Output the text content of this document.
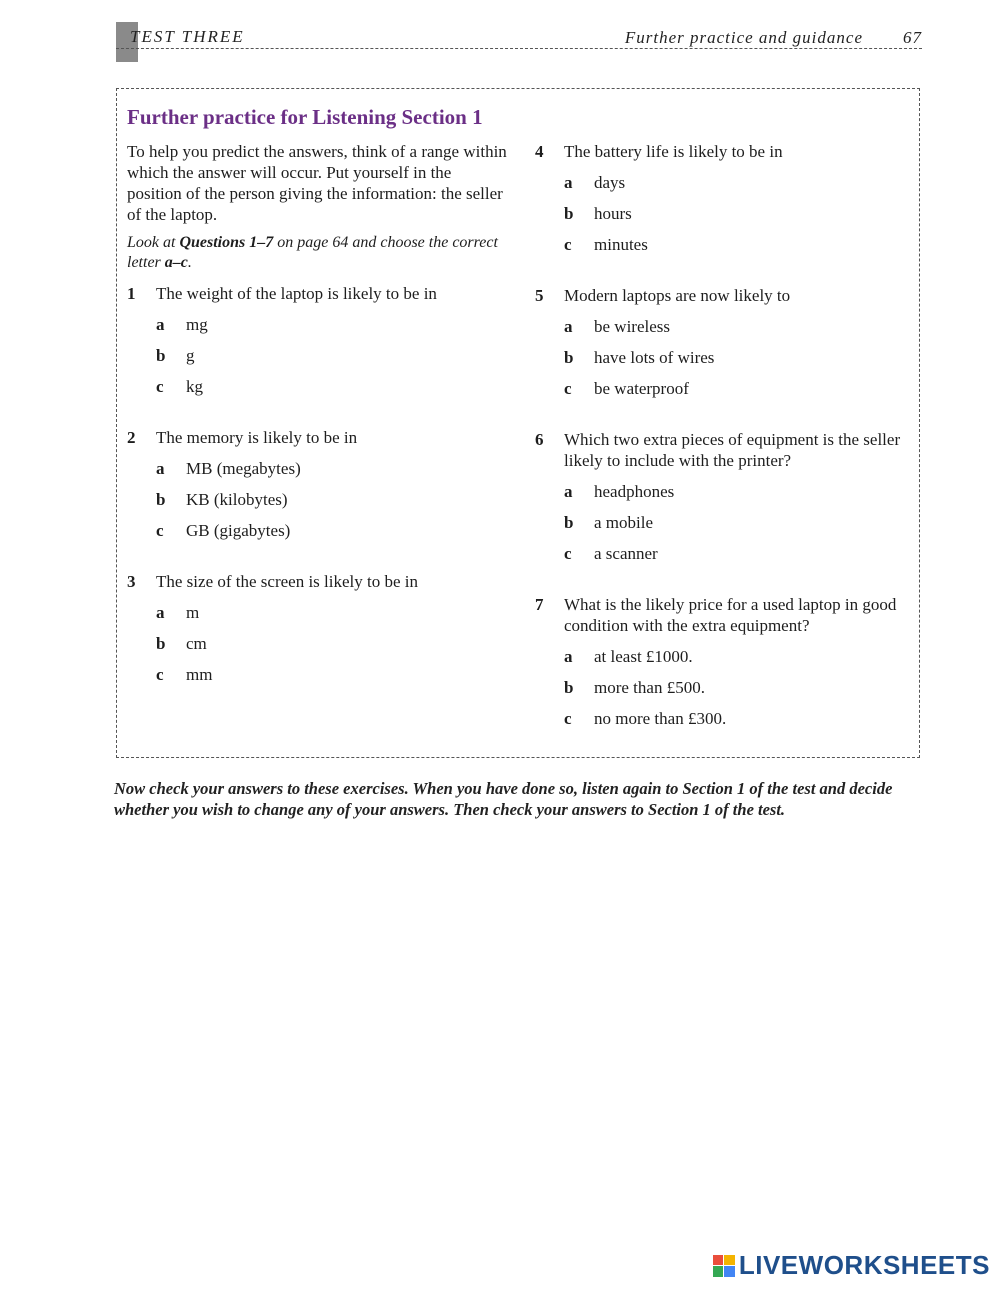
TEST THREE	Further practice and guidance 67
Further practice for Listening Section 1

To help you predict the answers, think of a range within which the answer will occur. Put yourself in the position of the person giving the information: the seller of the laptop.

Look at Questions 1–7 on page 64 and choose the correct letter a–c.

1	The weight of the laptop is likely to be in
a	mg
b	g
c	kg
2	The memory is likely to be in
a	MB (megabytes)
b	KB (kilobytes)
c	GB (gigabytes)
3	The size of the screen is likely to be in
a	m
b	cm
c	mm
4	The battery life is likely to be in
a	days
b	hours
c	minutes
5	Modern laptops are now likely to
a	be wireless
b	have lots of wires
c	be waterproof
6	Which two extra pieces of equipment is the seller likely to include with the printer?
a	headphones
b	a mobile
c	a scanner
7	What is the likely price for a used laptop in good condition with the extra equipment?
a	at least £1000.
b	more than £500.
c	no more than £300.
Now check your answers to these exercises. When you have done so, listen again to Section 1 of the test and decide whether you wish to change any of your answers. Then check your answers to Section 1 of the test.
LIVEWORKSHEETS
